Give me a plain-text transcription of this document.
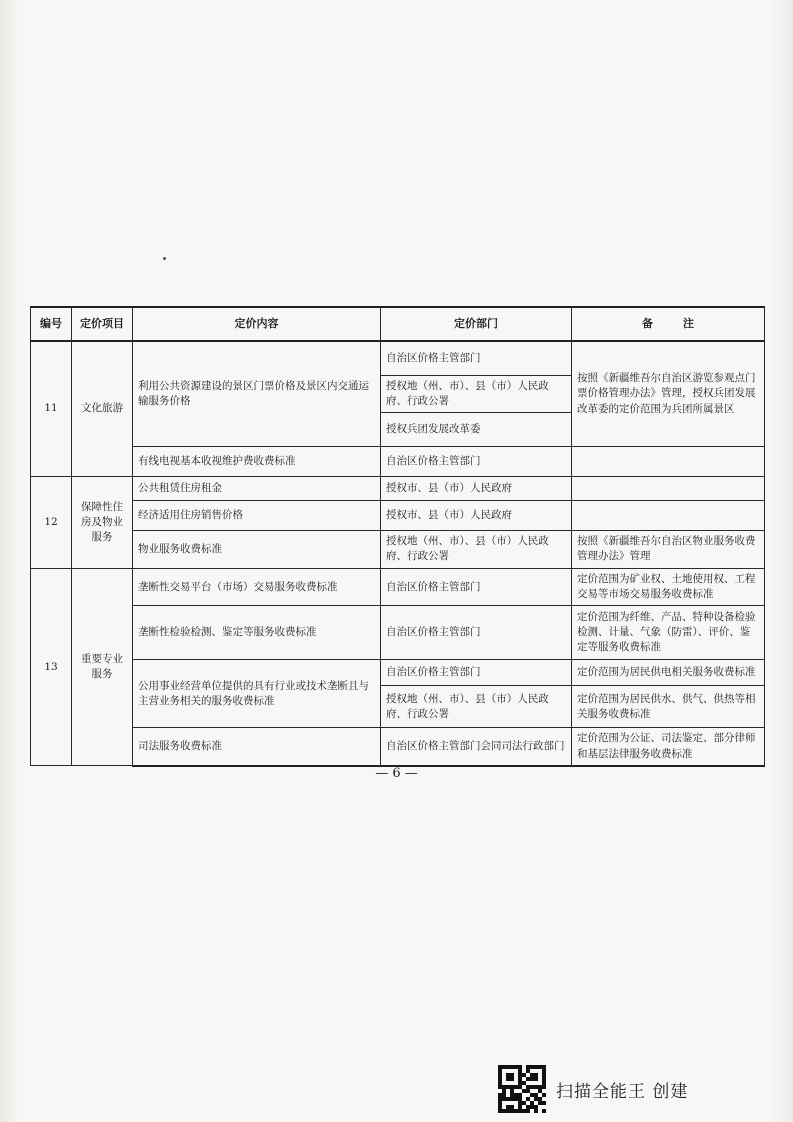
编号	定价项目	定价内容	定价部门	备注
11	文化旅游	利用公共资源建设的景区门票价格及景区内交通运输服务价格	自治区价格主管部门	按照《新疆维吾尔自治区游览参观点门票价格管理办法》管理，授权兵团发展改革委的定价范围为兵团所属景区
			授权地（州、市）、县（市）人民政府、行政公署	
			授权兵团发展改革委	
		有线电视基本收视维护费收费标准	自治区价格主管部门	
12	保障性住房及物业服务	公共租赁住房租金	授权市、县（市）人民政府	
		经济适用住房销售价格	授权市、县（市）人民政府	
		物业服务收费标准	授权地（州、市）、县（市）人民政府、行政公署	按照《新疆维吾尔自治区物业服务收费管理办法》管理
13	重要专业服务	垄断性交易平台（市场）交易服务收费标准	自治区价格主管部门	定价范围为矿业权、土地使用权、工程交易等市场交易服务收费标准
		垄断性检验检测、鉴定等服务收费标准	自治区价格主管部门	定价范围为纤维、产品、特种设备检验检测、计量、气象（防雷）、评价、鉴定等服务收费标准
		公用事业经营单位提供的具有行业或技术垄断且与主营业务相关的服务收费标准	自治区价格主管部门	定价范围为居民供电相关服务收费标准
			授权地（州、市）、县（市）人民政府、行政公署	定价范围为居民供水、供气、供热等相关服务收费标准
		司法服务收费标准	自治区价格主管部门会同司法行政部门	定价范围为公证、司法鉴定、部分律师和基层法律服务收费标准
— 6 —
扫描全能王 创建
